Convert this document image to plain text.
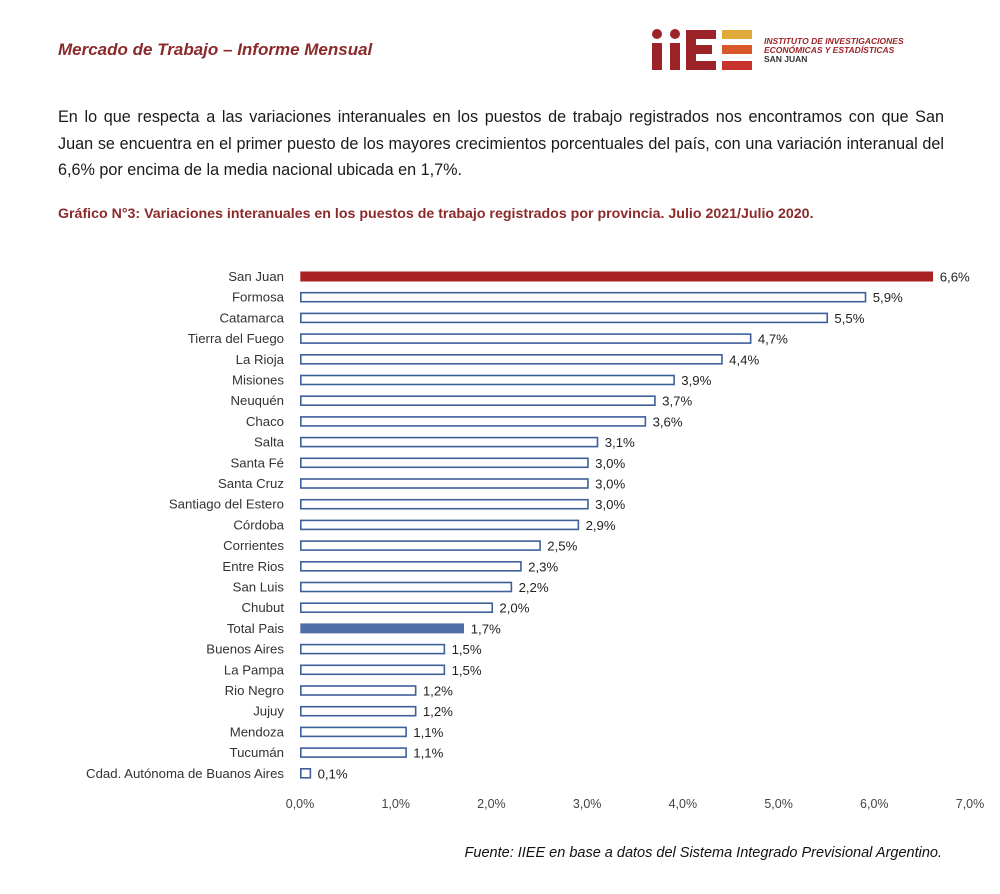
Mercado de Trabajo – Informe Mensual	INSTITUTO DE INVESTIGACIONES
ECONÓMICAS Y ESTADÍSTICAS
SAN JUAN
En lo que respecta a las variaciones interanuales en los puestos de trabajo registrados nos encontramos con que San Juan se encuentra en el primer puesto de los mayores crecimientos porcentuales del país, con una variación interanual del 6,6% por encima de la media nacional ubicada en 1,7%.
Gráfico N°3: Variaciones interanuales en los puestos de trabajo registrados por provincia. Julio 2021/Julio 2020.
San Juan	6,6%
Formosa	5,9%
Catamarca	5,5%
Tierra del Fuego	4,7%
La Rioja	4,4%
Misiones	3,9%
Neuquén	3,7%
Chaco	3,6%
Salta	3,1%
Santa Fé	3,0%
Santa Cruz	3,0%
Santiago del Estero	3,0%
Córdoba	2,9%
Corrientes	2,5%
Entre Rios	2,3%
San Luis	2,2%
Chubut	2,0%
Total Pais	1,7%
Buenos Aires	1,5%
La Pampa	1,5%
Rio Negro	1,2%
Jujuy	1,2%
Mendoza	1,1%
Tucumán	1,1%
Cdad. Autónoma de Buanos Aires	0,1%
0,0%	1,0%	2,0%	3,0%	4,0%	5,0%	6,0%	7,0%
Fuente: IIEE en base a datos del Sistema Integrado Previsional Argentino.
